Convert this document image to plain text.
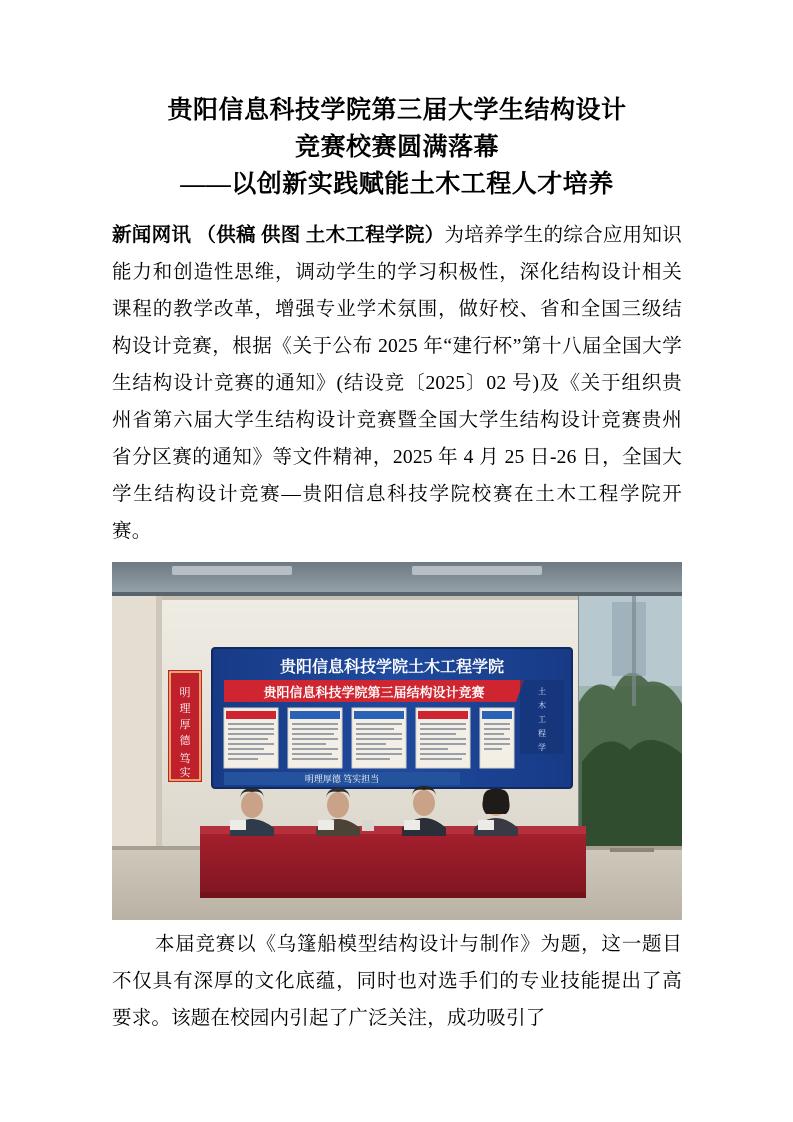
贵阳信息科技学院第三届大学生结构设计
竞赛校赛圆满落幕
——以创新实践赋能土木工程人才培养

新闻网讯 （供稿 供图 土木工程学院）为培养学生的综合应用知识能力和创造性思维，调动学生的学习积极性，深化结构设计相关课程的教学改革，增强专业学术氛围，做好校、省和全国三级结构设计竞赛，根据《关于公布 2025 年“建行杯”第十八届全国大学生结构设计竞赛的通知》(结设竞〔2025〕02 号)及《关于组织贵州省第六届大学生结构设计竞赛暨全国大学生结构设计竞赛贵州省分区赛的通知》等文件精神，2025 年 4 月 25 日-26 日，全国大学生结构设计竞赛—贵阳信息科技学院校赛在土木工程学院开赛。

明
理
厚
德
笃
实
贵阳信息科技学院土木工程学院
贵阳信息科技学院第三届结构设计竞赛	土
木
工
程
学
明理厚德 笃实担当

本届竞赛以《乌篷船模型结构设计与制作》为题，这一题目不仅具有深厚的文化底蕴，同时也对选手们的专业技能提出了高要求。该题在校园内引起了广泛关注，成功吸引了
